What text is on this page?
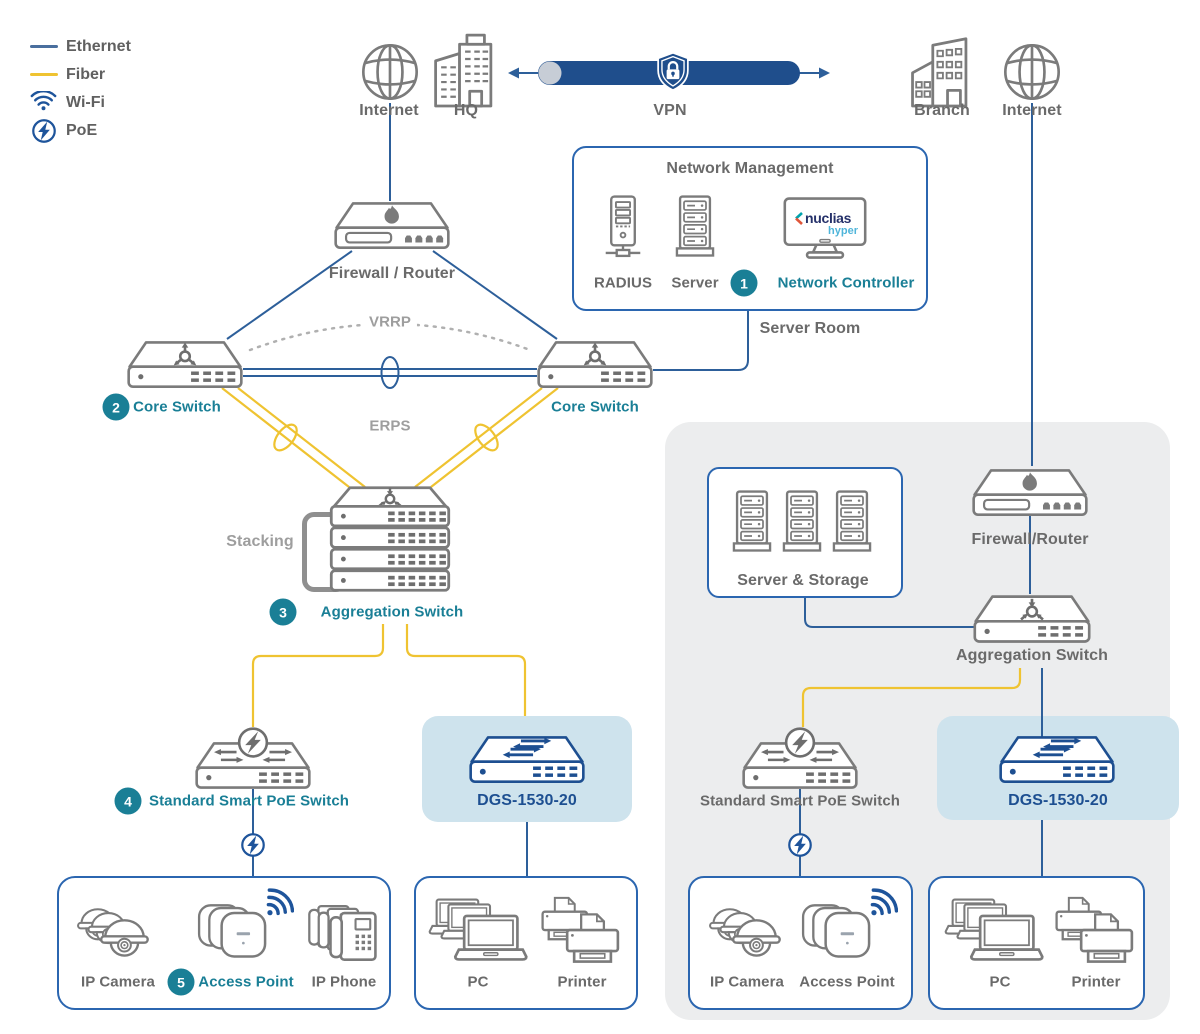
nuclias
hyper
Ethernet
Fiber
Wi-Fi
PoE
Internet HQ	VPN	Branch Internet
Network Management
RADIUS Server	1	Network Controller
Server Room
Firewall / Router
VRRP
2 Core Switch	Core Switch
ERPS
Stacking
3	Aggregation Switch
4	Standard Smart PoE Switch	DGS-1530-20
IP Camera	5 Access Point IP Phone	PC	Printer
Server & Storage
Firewall/Router
Aggregation Switch
Standard Smart PoE Switch	DGS-1530-20
IP Camera Access Point	PC	Printer
